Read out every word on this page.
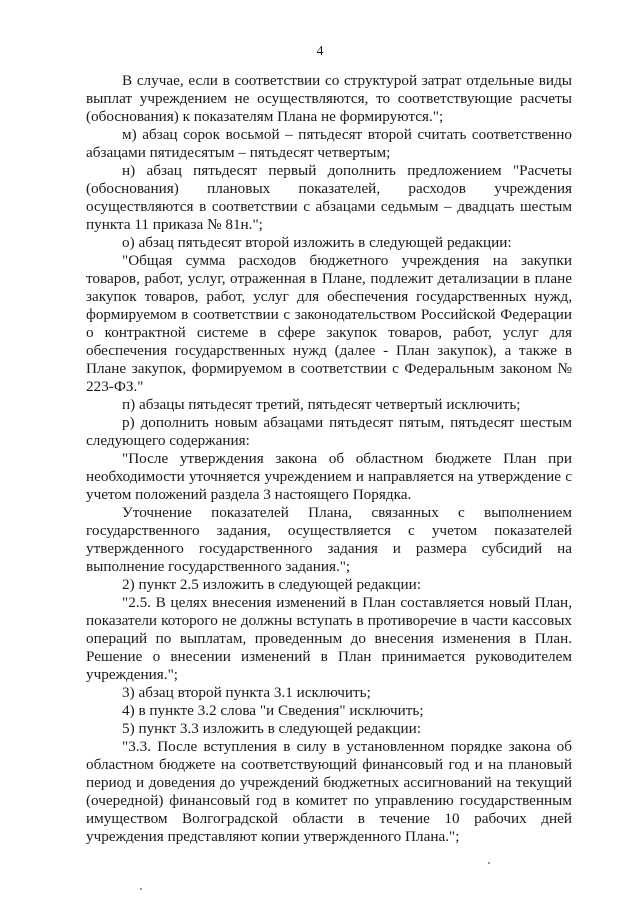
4

В случае, если в соответствии со структурой затрат отдельные виды выплат учреждением не осуществляются, то соответствующие расчеты (обоснования) к показателям Плана не формируются.";

м) абзац сорок восьмой – пятьдесят второй считать соответственно абзацами пятидесятым – пятьдесят четвертым;

н) абзац пятьдесят первый дополнить предложением "Расчеты (обоснования) плановых показателей, расходов учреждения осуществляются в соответствии с абзацами седьмым – двадцать шестым пункта 11 приказа № 81н.";

о) абзац пятьдесят второй изложить в следующей редакции:

"Общая сумма расходов бюджетного учреждения на закупки товаров, работ, услуг, отраженная в Плане, подлежит детализации в плане закупок товаров, работ, услуг для обеспечения государственных нужд, формируемом в соответствии с законодательством Российской Федерации о контрактной системе в сфере закупок товаров, работ, услуг для обеспечения государственных нужд (далее - План закупок), а также в Плане закупок, формируемом в соответствии с Федеральным законом № 223-ФЗ."

п) абзацы пятьдесят третий, пятьдесят четвертый исключить;

р) дополнить новым абзацами пятьдесят пятым, пятьдесят шестым следующего содержания:

"После утверждения закона об областном бюджете План при необходимости уточняется учреждением и направляется на утверждение с учетом положений раздела 3 настоящего Порядка.

Уточнение показателей Плана, связанных с выполнением государственного задания, осуществляется с учетом показателей утвержденного государственного задания и размера субсидий на выполнение государственного задания.";

2) пункт 2.5 изложить в следующей редакции:

"2.5. В целях внесения изменений в План составляется новый План, показатели которого не должны вступать в противоречие в части кассовых операций по выплатам, проведенным до внесения изменения в План. Решение о внесении изменений в План принимается руководителем учреждения.";

3) абзац второй пункта 3.1 исключить;

4) в пункте 3.2 слова "и Сведения" исключить;

5) пункт 3.3 изложить в следующей редакции:

"3.3. После вступления в силу в установленном порядке закона об областном бюджете на соответствующий финансовый год и на плановый период и доведения до учреждений бюджетных ассигнований на текущий (очередной) финансовый год в комитет по управлению государственным имуществом Волгоградской области в течение 10 рабочих дней учреждения представляют копии утвержденного Плана.";
